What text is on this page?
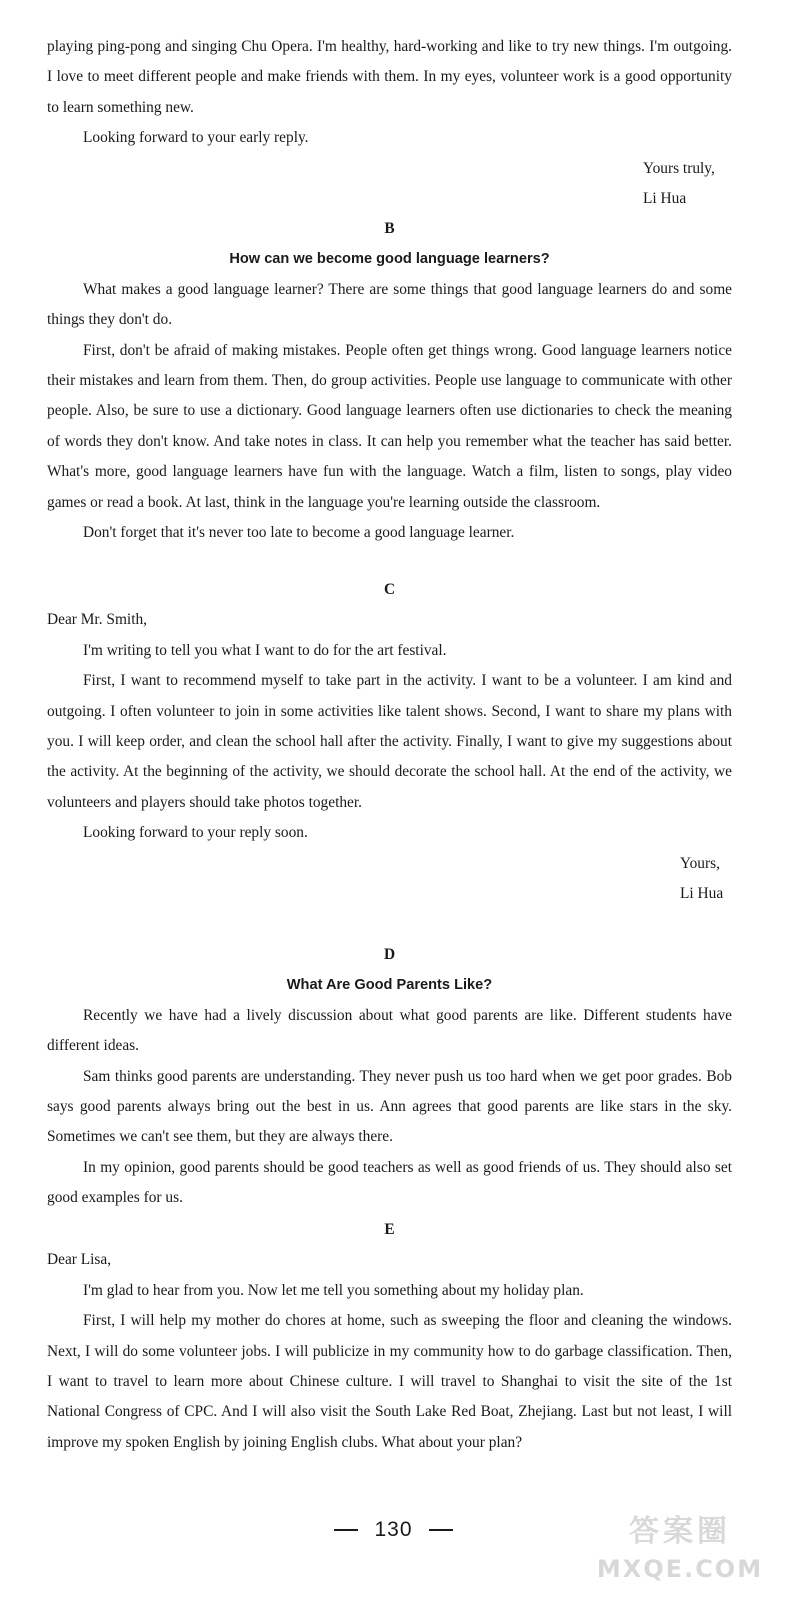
playing ping-pong and singing Chu Opera. I'm healthy, hard-working and like to try new things. I'm outgoing. I love to meet different people and make friends with them. In my eyes, volunteer work is a good opportunity to learn something new.

Looking forward to your early reply.

Yours truly,

Li Hua

B

How can we become good language learners?

What makes a good language learner? There are some things that good language learners do and some things they don't do.

First, don't be afraid of making mistakes. People often get things wrong. Good language learners notice their mistakes and learn from them. Then, do group activities. People use language to communicate with other people. Also, be sure to use a dictionary. Good language learners often use dictionaries to check the meaning of words they don't know. And take notes in class. It can help you remember what the teacher has said better. What's more, good language learners have fun with the language. Watch a film, listen to songs, play video games or read a book. At last, think in the language you're learning outside the classroom.

Don't forget that it's never too late to become a good language learner.

C

Dear Mr. Smith,

I'm writing to tell you what I want to do for the art festival.

First, I want to recommend myself to take part in the activity. I want to be a volunteer. I am kind and outgoing. I often volunteer to join in some activities like talent shows. Second, I want to share my plans with you. I will keep order, and clean the school hall after the activity. Finally, I want to give my suggestions about the activity. At the beginning of the activity, we should decorate the school hall. At the end of the activity, we volunteers and players should take photos together.

Looking forward to your reply soon.

Yours,

Li Hua

D

What Are Good Parents Like?

Recently we have had a lively discussion about what good parents are like. Different students have different ideas.

Sam thinks good parents are understanding. They never push us too hard when we get poor grades. Bob says good parents always bring out the best in us. Ann agrees that good parents are like stars in the sky. Sometimes we can't see them, but they are always there.

In my opinion, good parents should be good teachers as well as good friends of us. They should also set good examples for us.

E

Dear Lisa,

I'm glad to hear from you. Now let me tell you something about my holiday plan.

First, I will help my mother do chores at home, such as sweeping the floor and cleaning the windows. Next, I will do some volunteer jobs. I will publicize in my community how to do garbage classification. Then, I want to travel to learn more about Chinese culture. I will travel to Shanghai to visit the site of the 1st National Congress of CPC. And I will also visit the South Lake Red Boat, Zhejiang. Last but not least, I will improve my spoken English by joining English clubs. What about your plan?

130	答案圈
MXQE.COM
